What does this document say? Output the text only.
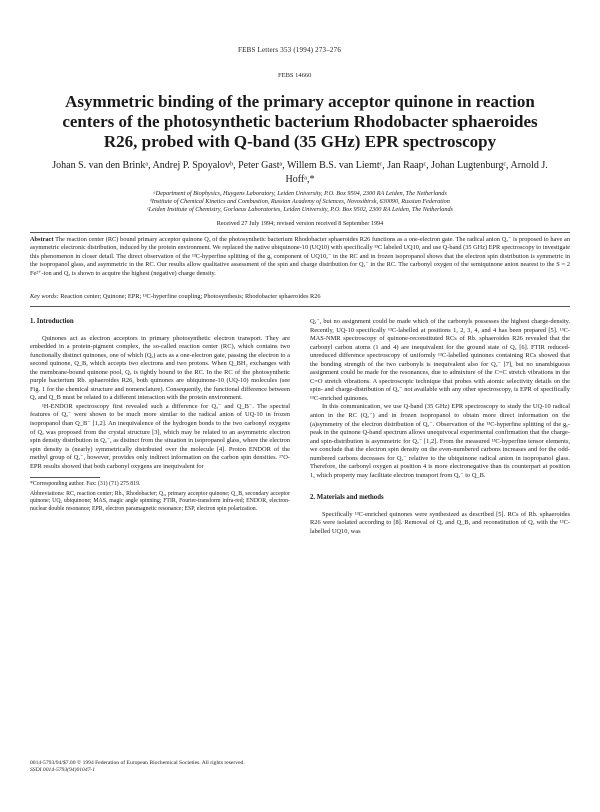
FEBS Letters 353 (1994) 273–276
FEBS 14660
Asymmetric binding of the primary acceptor quinone in reaction centers of the photosynthetic bacterium Rhodobacter sphaeroides R26, probed with Q-band (35 GHz) EPR spectroscopy
Johan S. van den Brinkᵃ, Andrej P. Spoyalovᵇ, Peter Gastᵃ, Willem B.S. van Liemtᶜ, Jan Raapᶜ, Johan Lugtenburgᶜ, Arnold J. Hoffᵃ,*
ᵃDepartment of Biophysics, Huygens Laboratory, Leiden University, P.O. Box 9504, 2300 RA Leiden, The Netherlands
ᵇInstitute of Chemical Kinetics and Combustion, Russian Academy of Sciences, Novosibirsk, 630090, Russian Federation
ᶜLeiden Institute of Chemistry, Gorlaeus Laboratories, Leiden University, P.O. Box 9502, 2300 RA Leiden, The Netherlands
Received 27 July 1994; revised version received 8 September 1994
Abstract The reaction center (RC) bound primary acceptor quinone Qₐ of the photosynthetic bacterium Rhodobacter sphaeroides R26 functions as a one-electron gate. The radical anion Qₐ⁻ is proposed to have an asymmetric electronic distribution, induced by the protein environment. We replaced the native ubiquinone-10 (UQ10) with specifically ¹³C labeled UQ10, and use Q-band (35 GHz) EPR spectroscopy to investigate this phenomenon in closer detail. The direct observation of the ¹³C-hyperfine splitting of the gᵧ component of UQ10ₐ⁻ in the RC and in frozen isopropanol shows that the electron spin distribution is symmetric in the isopropanol glass, and asymmetric in the RC. Our results allow qualitative assessment of the spin and charge distribution for Qₐ⁻ in the RC. The carbonyl oxygen of the semiquinone anion nearest to the S = 2 Fe²⁺-ion and Qₐ is shown to acquire the highest (negative) charge density.
Key words: Reaction center; Quinone; EPR; ¹³C-hyperfine coupling; Photosynthesis; Rhodobacter sphaeroides R26

1. Introduction

Quinones act as electron acceptors in primary photosynthetic electron transport. They are embedded in a protein-pigment complex, the so-called reaction center (RC), which contains two functionally distinct quinones, one of which (Qₐ) acts as a one-electron gate, passing the electron to a second quinone, Q_B, which accepts two electrons and two protons. When Q_BH₂ exchanges with the membrane-bound quinone pool, Qₐ is tightly bound to the RC. In the RC of the photosynthetic purple bacterium Rb. sphaeroides R26, both quinones are ubiquinone-10 (UQ-10) molecules (see Fig. 1 for the chemical structure and nomenclature). Consequently, the functional difference between Qₐ and Q_B must be related to a different interaction with the protein environment.

¹H-ENDOR spectroscopy first revealed such a difference for Qₐ⁻ and Q_B⁻. The spectral features of Qₐ⁻ were shown to be much more similar to the radical anion of UQ-10 in frozen isopropanol than Q_B⁻ [1,2]. An inequivalence of the hydrogen bonds to the two carbonyl oxygens of Qₐ was proposed from the crystal structure [3], which may be related to an asymmetric electron spin density distribution in Qₐ⁻, as distinct from the situation in isopropanol glass, where the electron spin density is (nearly) symmetrically distributed over the molecule [4]. Proton ENDOR of the methyl group of Qₐ⁻, however, provides only indirect information on the carbon spin densities. ¹⁷O-EPR results showed that both carbonyl oxygens are inequivalent for

*Corresponding author. Fax: (31) (71) 275 819.

Abbreviations: RC, reaction center; Rb., Rhodobacter; Qₐ, primary acceptor quinone; Q_B, secondary acceptor quinone; UQ, ubiquinone; MAS, magic angle spinning; FTIR, Fourier-transform infra-red; ENDOR, electron-nuclear double resonance; EPR, electron paramagnetic resonance; ESP, electron spin polarization.

0014-5793/94/$7.00 © 1994 Federation of European Biochemical Societies. All rights reserved.
SSDI 0014-5793(94)01047-1

Qₐ⁻, but no assignment could be made which of the carbonyls possesses the highest charge-density. Recently, UQ-10 specifically ¹³C-labelled at positions 1, 2, 3, 4, and 4 has been prepared [5]. ¹³C-MAS-NMR spectroscopy of quinone-reconstituted RCs of Rb. sphaeroides R26 revealed that the carbonyl carbon atoms (1 and 4) are inequivalent for the ground state of Qₐ [6]. FTIR reduced-unreduced difference spectroscopy of uniformly ¹³C-labelled quinones containing RCs showed that the bonding strength of the two carbonyls is inequivalent also for Qₐ⁻ [7], but no unambiguous assignment could be made for the resonances, due to admixture of the C=C stretch vibrations in the C=O stretch vibrations. A spectroscopic technique that probes with atomic selectivity details on the spin- and charge-distribution of Qₐ⁻ not available with any other spectroscopy, is EPR of specifically ¹³C-enriched quinones.

In this communication, we use Q-band (35 GHz) EPR spectroscopy to study the UQ-10 radical anion in the RC (Qₐ⁻) and in frozen isopropanol to obtain more direct information on the (a)symmetry of the electron distribution of Qₐ⁻. Observation of the ¹³C-hyperfine splitting of the gᵧ-peak in the quinone Q-band spectrum allows unequivocal experimental confirmation that the charge- and spin-distribution is asymmetric for Qₐ⁻ [1,2]. From the measured ¹³C-hyperfine tensor elements, we conclude that the electron spin density on the even-numbered carbons increases and for the odd-numbered carbons decreases for Qₐ⁻ relative to the ubiquinone radical anion in isopropanol glass. Therefore, the carbonyl oxygen at position 4 is more electronegative than its counterpart at position 1, which property may facilitate electron transport from Qₐ⁻ to Q_B.

2. Materials and methods

Specifically ¹³C-enriched quinones were synthesized as described [5]. RCs of Rb. sphaeroides R26 were isolated according to [8]. Removal of Qₐ and Q_B, and reconstitution of Qₐ with the ¹³C-labelled UQ10, was
